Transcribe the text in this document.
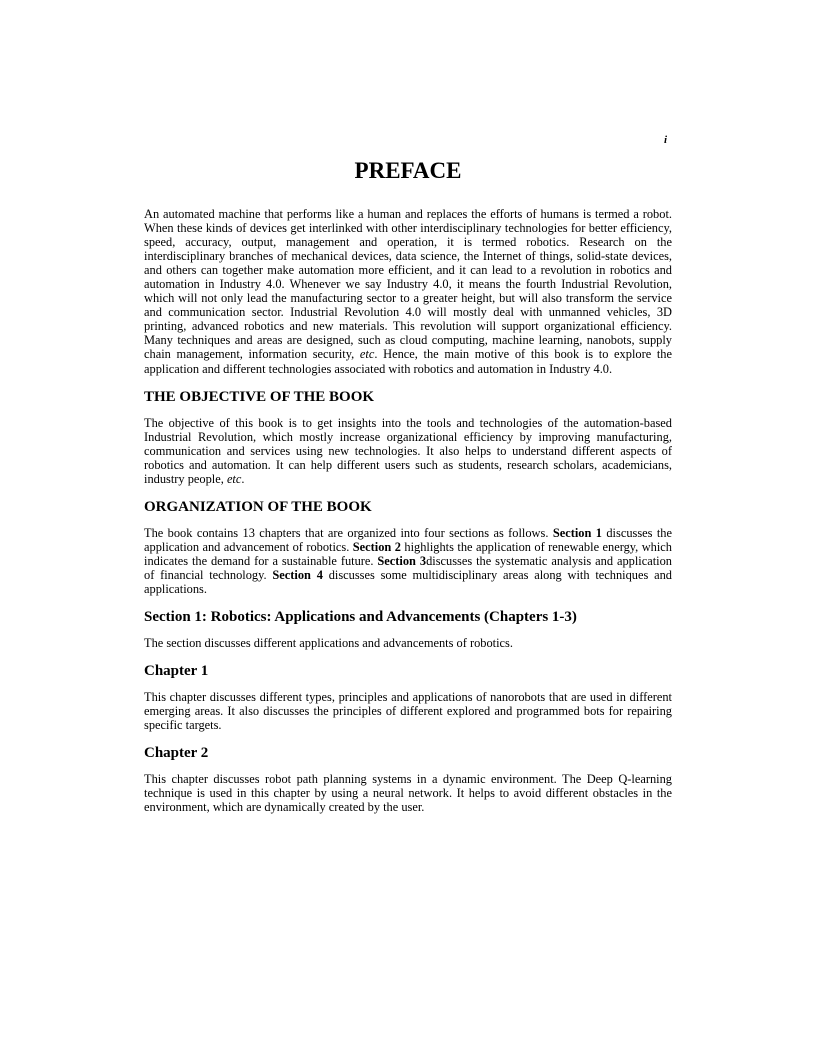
i
PREFACE

An automated machine that performs like a human and replaces the efforts of humans is termed a robot. When these kinds of devices get interlinked with other interdisciplinary technologies for better efficiency, speed, accuracy, output, management and operation, it is termed robotics. Research on the interdisciplinary branches of mechanical devices, data science, the Internet of things, solid-state devices, and others can together make automation more efficient, and it can lead to a revolution in robotics and automation in Industry 4.0. Whenever we say Industry 4.0, it means the fourth Industrial Revolution, which will not only lead the manufacturing sector to a greater height, but will also transform the service and communication sector. Industrial Revolution 4.0 will mostly deal with unmanned vehicles, 3D printing, advanced robotics and new materials. This revolution will support organizational efficiency. Many techniques and areas are designed, such as cloud computing, machine learning, nanobots, supply chain management, information security, etc. Hence, the main motive of this book is to explore the application and different technologies associated with robotics and automation in Industry 4.0.

THE OBJECTIVE OF THE BOOK

The objective of this book is to get insights into the tools and technologies of the automation-based Industrial Revolution, which mostly increase organizational efficiency by improving manufacturing, communication and services using new technologies. It also helps to understand different aspects of robotics and automation. It can help different users such as students, research scholars, academicians, industry people, etc.

ORGANIZATION OF THE BOOK

The book contains 13 chapters that are organized into four sections as follows. Section 1 discusses the application and advancement of robotics. Section 2 highlights the application of renewable energy, which indicates the demand for a sustainable future. Section 3discusses the systematic analysis and application of financial technology. Section 4 discusses some multidisciplinary areas along with techniques and applications.

Section 1: Robotics: Applications and Advancements (Chapters 1-3)

The section discusses different applications and advancements of robotics.

Chapter 1

This chapter discusses different types, principles and applications of nanorobots that are used in different emerging areas. It also discusses the principles of different explored and programmed bots for repairing specific targets.

Chapter 2

This chapter discusses robot path planning systems in a dynamic environment. The Deep Q-learning technique is used in this chapter by using a neural network. It helps to avoid different obstacles in the environment, which are dynamically created by the user.
